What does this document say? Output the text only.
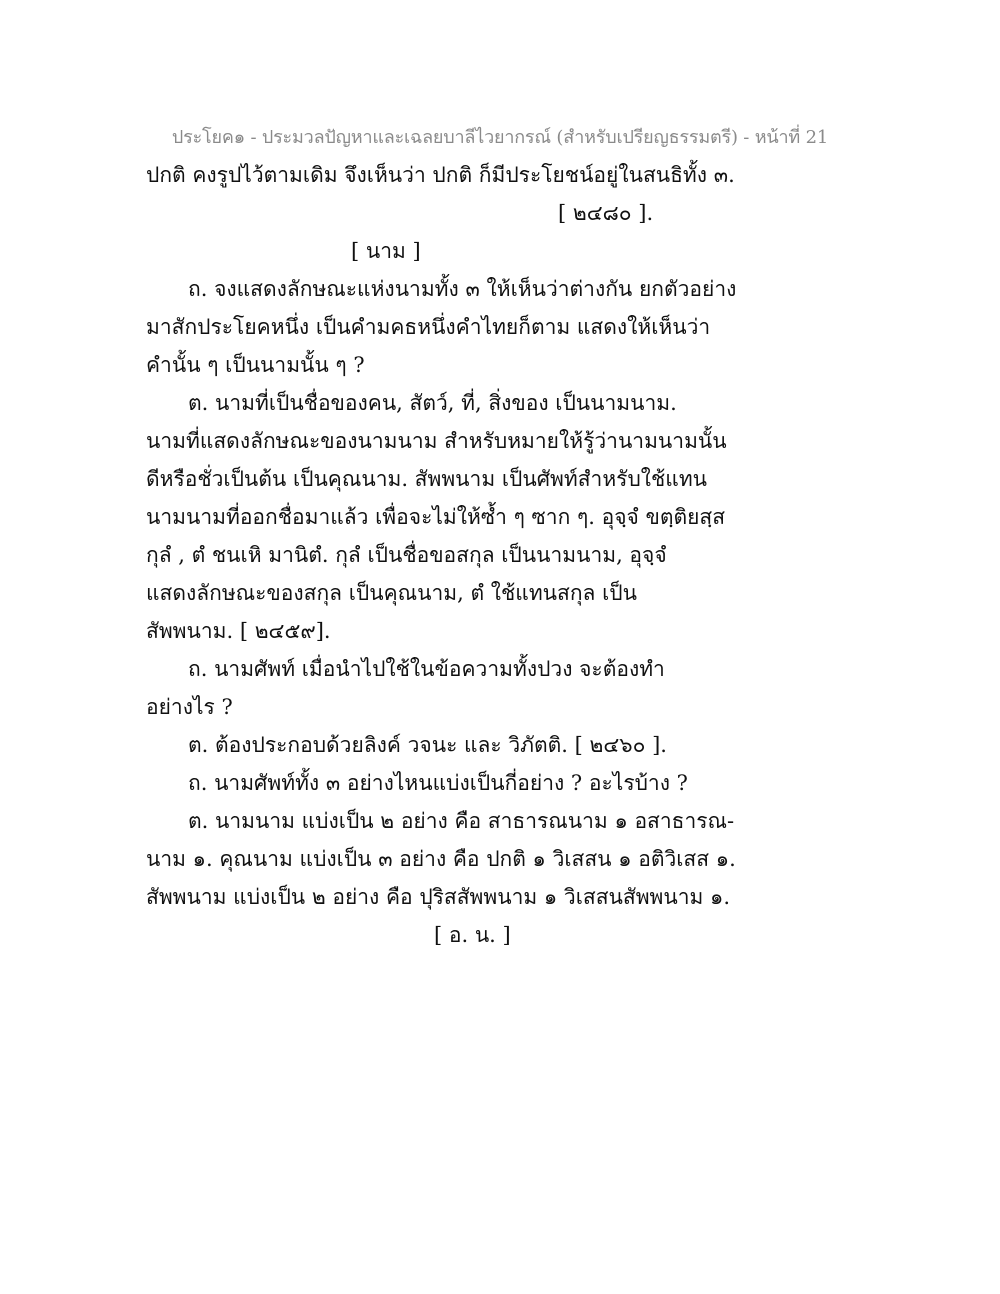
ประโยค๑ - ประมวลปัญหาและเฉลยบาลีไวยากรณ์ (สำหรับเปรียญธรรมตรี) - หน้าที่ 21
ปกติ คงรูปไว้ตามเดิม จึงเห็นว่า ปกติ ก็มีประโยชน์อยู่ในสนธิทั้ง ๓.
[ ๒๔๘๐ ].
[ นาม ]
ถ. จงแสดงลักษณะแห่งนามทั้ง ๓ ให้เห็นว่าต่างกัน ยกตัวอย่าง
มาสักประโยคหนึ่ง เป็นคำมคธหนึ่งคำไทยก็ตาม แสดงให้เห็นว่า
คำนั้น ๆ เป็นนามนั้น ๆ ?
ต. นามที่เป็นชื่อของคน, สัตว์, ที่, สิ่งของ เป็นนามนาม.
นามที่แสดงลักษณะของนามนาม สำหรับหมายให้รู้ว่านามนามนั้น
ดีหรือชั่วเป็นต้น เป็นคุณนาม. สัพพนาม เป็นศัพท์สำหรับใช้แทน
นามนามที่ออกชื่อมาแล้ว เพื่อจะไม่ให้ซ้ำ ๆ ซาก ๆ. อุจฺจํ ขตฺติยสฺส
กุลํ , ตํ ชนเหิ มานิตํ. กุลํ เป็นชื่อขอสกุล เป็นนามนาม, อุจฺจํ
แสดงลักษณะของสกุล เป็นคุณนาม, ตํ ใช้แทนสกุล เป็น
สัพพนาม. [ ๒๔๕๙].
ถ. นามศัพท์ เมื่อนำไปใช้ในข้อความทั้งปวง จะต้องทำ
อย่างไร ?
ต. ต้องประกอบด้วยลิงค์ วจนะ และ วิภัตติ. [ ๒๔๖๐ ].
ถ. นามศัพท์ทั้ง ๓ อย่างไหนแบ่งเป็นกี่อย่าง ? อะไรบ้าง ?
ต. นามนาม แบ่งเป็น ๒ อย่าง คือ สาธารณนาม ๑ อสาธารณ-
นาม ๑. คุณนาม แบ่งเป็น ๓ อย่าง คือ ปกติ ๑ วิเสสน ๑ อติวิเสส ๑.
สัพพนาม แบ่งเป็น ๒ อย่าง คือ ปุริสสัพพนาม ๑ วิเสสนสัพพนาม ๑.
[ อ. น. ]
